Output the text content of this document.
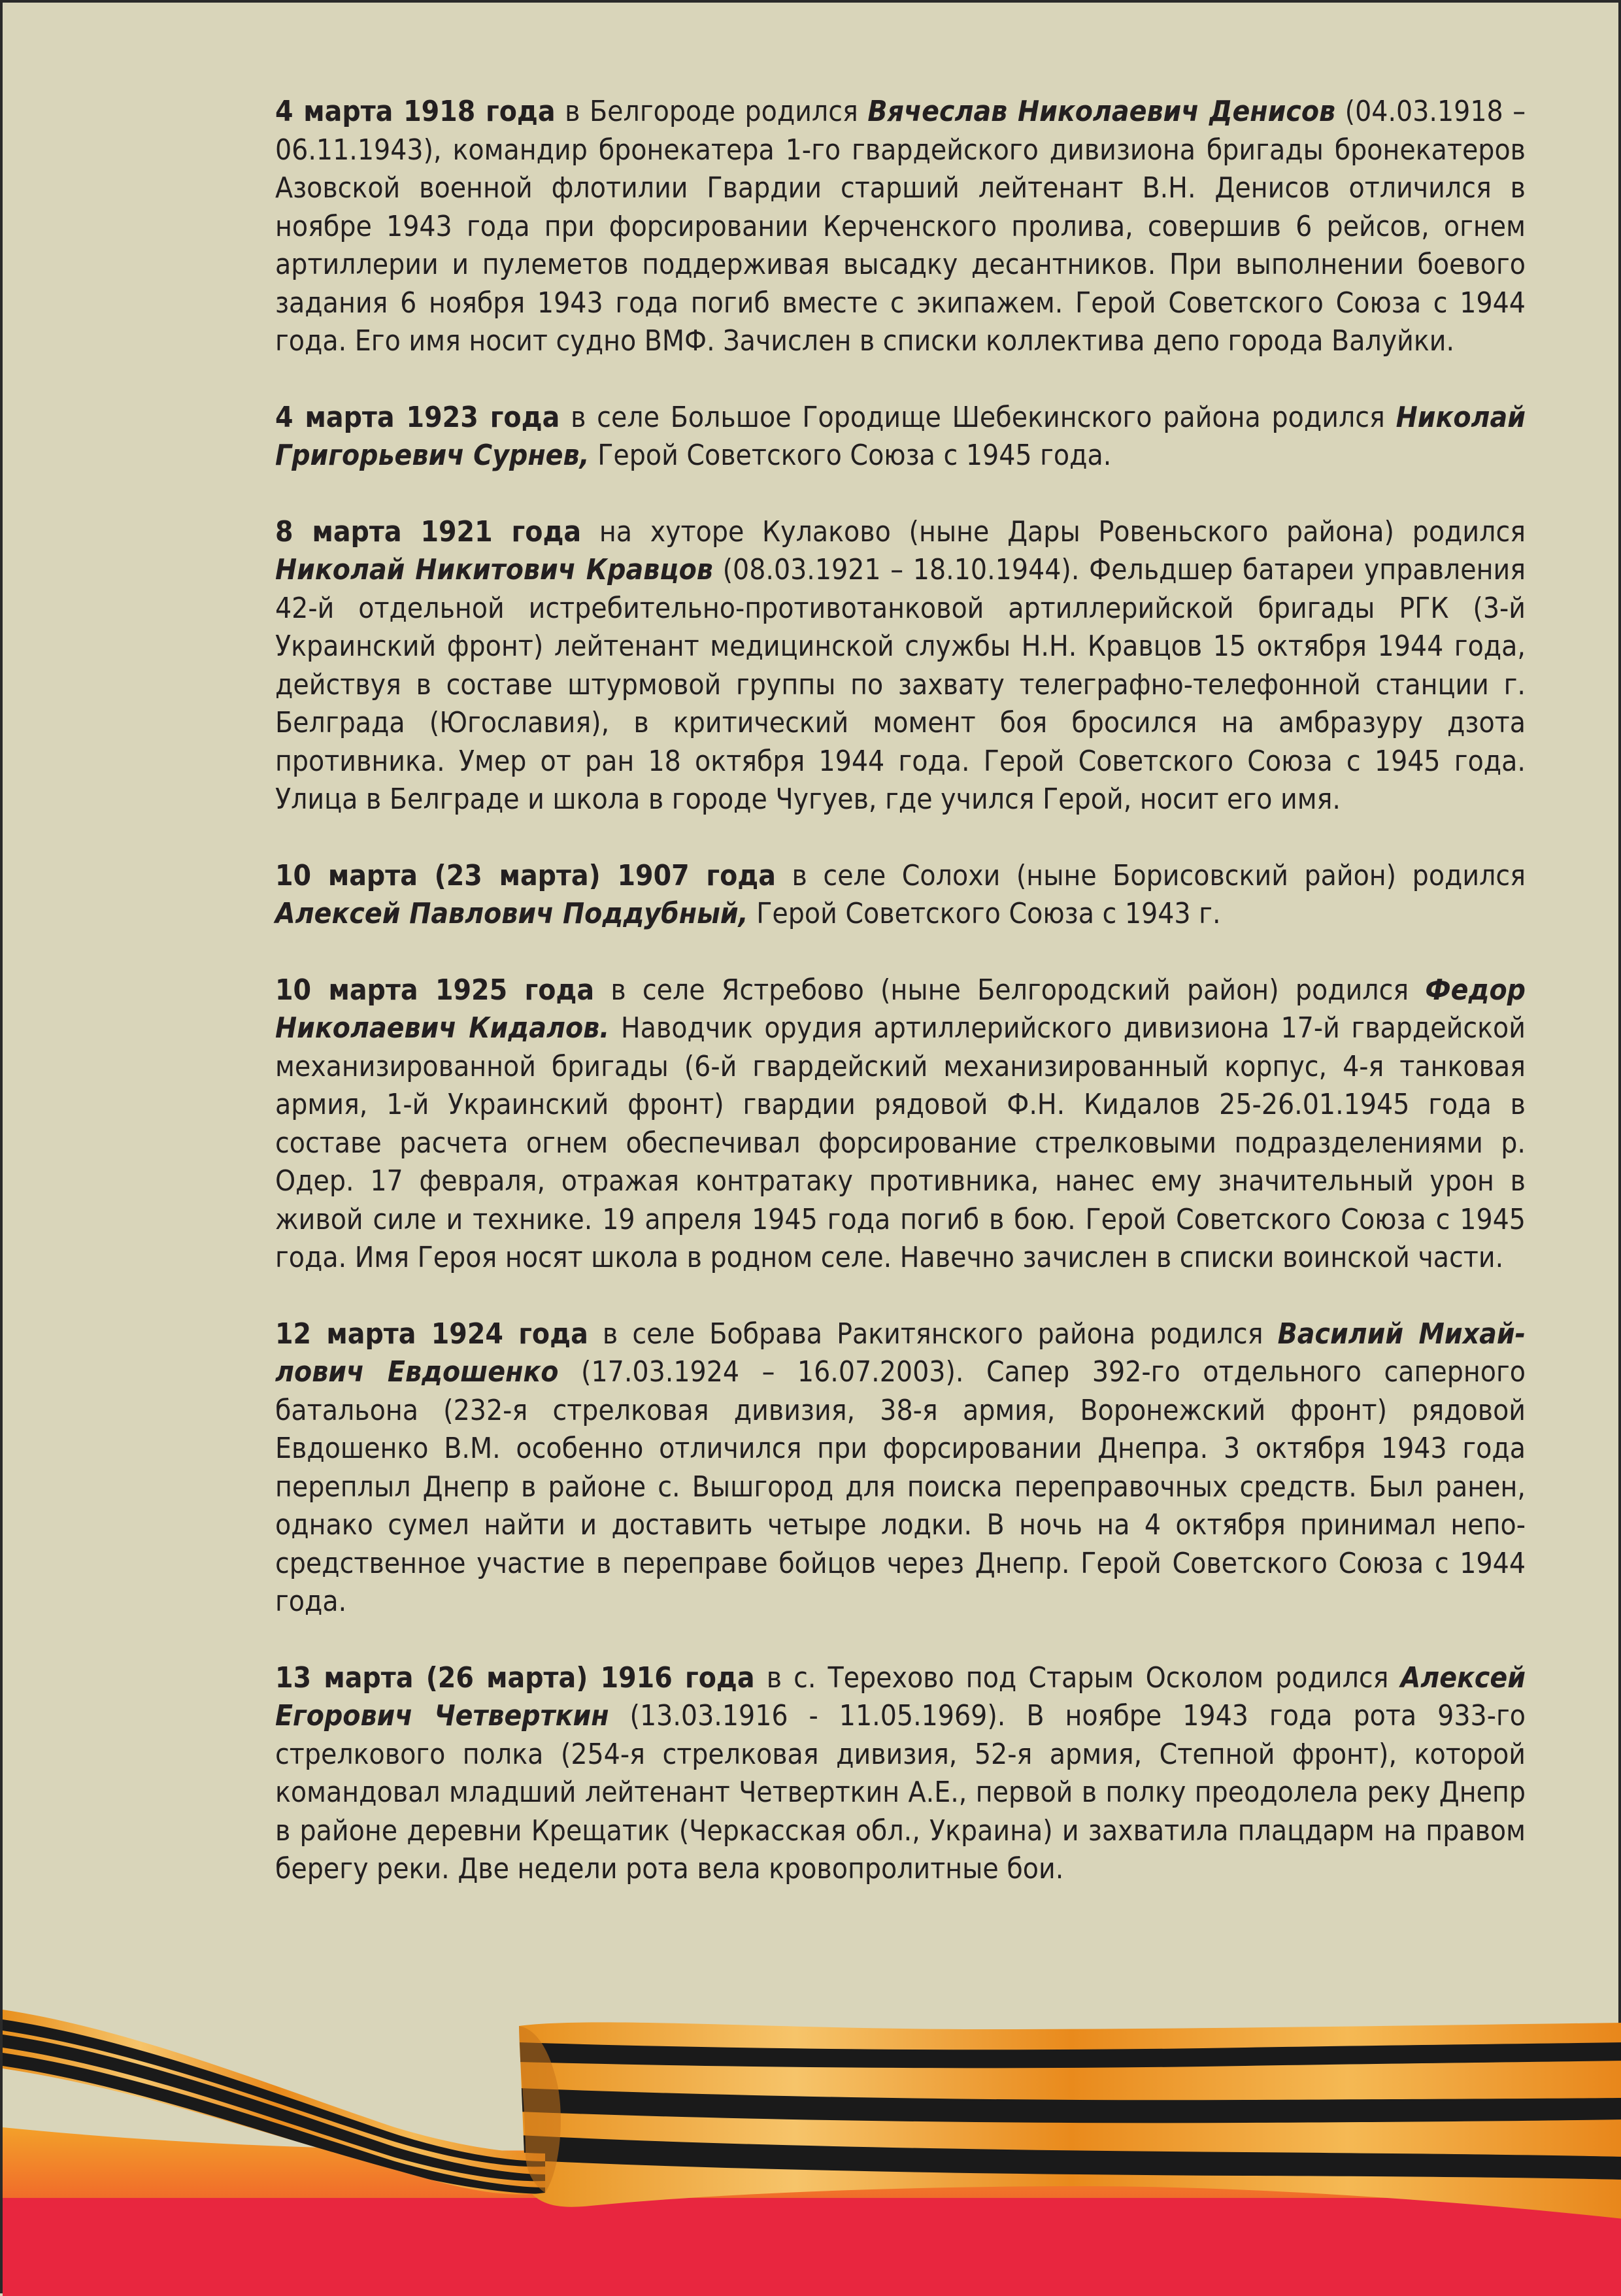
4 марта 1918 года в Белгороде родился Вячеслав Николаевич Денисов (04.03.1918 – 06.11.1943), командир бронекатера 1-го гвардейского дивизиона бригады бронекатеров Азовской военной флотилии Гвардии старший лейтенант В.Н. Денисов отличился в ноябре 1943 года при форсировании Керченского пролива, совершив 6 рейсов, огнем артиллерии и пулеметов поддерживая высадку десантников. При выполнении боевого задания 6 ноября 1943 года погиб вместе с экипажем. Герой Советского Союза с 1944 года. Его имя носит судно ВМФ. Зачислен в списки коллектива депо города Валуйки.

4 марта 1923 года в селе Большое Городище Шебекинского района родился Николай Григорьевич Сурнев, Герой Советского Союза с 1945 года.

8 марта 1921 года на хуторе Кулаково (ныне Дары Ровеньского района) родился Николай Никитович Кравцов (08.03.1921 – 18.10.1944). Фельдшер батареи управления 42-й отдельной истребительно-противотанковой артиллерийской бригады РГК (3-й Украинский фронт) лейтенант медицинской службы Н.Н. Кравцов 15 октября 1944 года, действуя в составе штурмовой группы по захвату телеграфно-телефонной станции г. Белграда (Югославия), в критический момент боя бросился на амбразуру дзота противника. Умер от ран 18 октября 1944 года. Герой Советского Союза с 1945 года. Улица в Белграде и школа в городе Чугуев, где учился Герой, носит его имя.

10 марта (23 марта) 1907 года в селе Солохи (ныне Борисовский район) родился Алексей Павлович Поддубный, Герой Советского Союза с 1943 г.

10 марта 1925 года в селе Ястребово (ныне Белгородский район) родился Федор Николаевич Кидалов. Наводчик орудия артиллерийского дивизиона 17-й гвардейской механизированной бригады (6-й гвардейский механизированный корпус, 4-я танковая армия, 1-й Украинский фронт) гвардии рядовой Ф.Н. Кидалов 25-26.01.1945 года в составе расчета огнем обеспечивал форсирование стрелковыми подразделениями р. Одер. 17 февраля, отражая контратаку противника, нанес ему значительный урон в живой силе и технике. 19 апреля 1945 года погиб в бою. Герой Советского Союза с 1945 года. Имя Героя носят школа в родном селе. Навечно зачислен в списки воинской части.

12 марта 1924 года в селе Бобрава Ракитянского района родился Василий Михайлович Евдошенко (17.03.1924 – 16.07.2003). Сапер 392-го отдельного саперного батальона (232-я стрелковая дивизия, 38-я армия, Воронежский фронт) рядовой Евдошенко В.М. особенно отличился при форсировании Днепра. 3 октября 1943 года переплыл Днепр в районе с. Вышгород для поиска переправочных средств. Был ранен, однако сумел найти и доставить четыре лодки. В ночь на 4 октября принимал непо-средственное участие в переправе бойцов через Днепр. Герой Советского Союза с 1944 года.

13 марта (26 марта) 1916 года в с. Терехово под Старым Осколом родился Алексей Егорович Четверткин (13.03.1916 - 11.05.1969). В ноябре 1943 года рота 933-го стрелкового полка (254-я стрелковая дивизия, 52-я армия, Степной фронт), которой командовал младший лейтенант Четверткин А.Е., первой в полку преодолела реку Днепр в районе деревни Крещатик (Черкасская обл., Украина) и захватила плацдарм на правом берегу реки. Две недели рота вела кровопролитные бои.
